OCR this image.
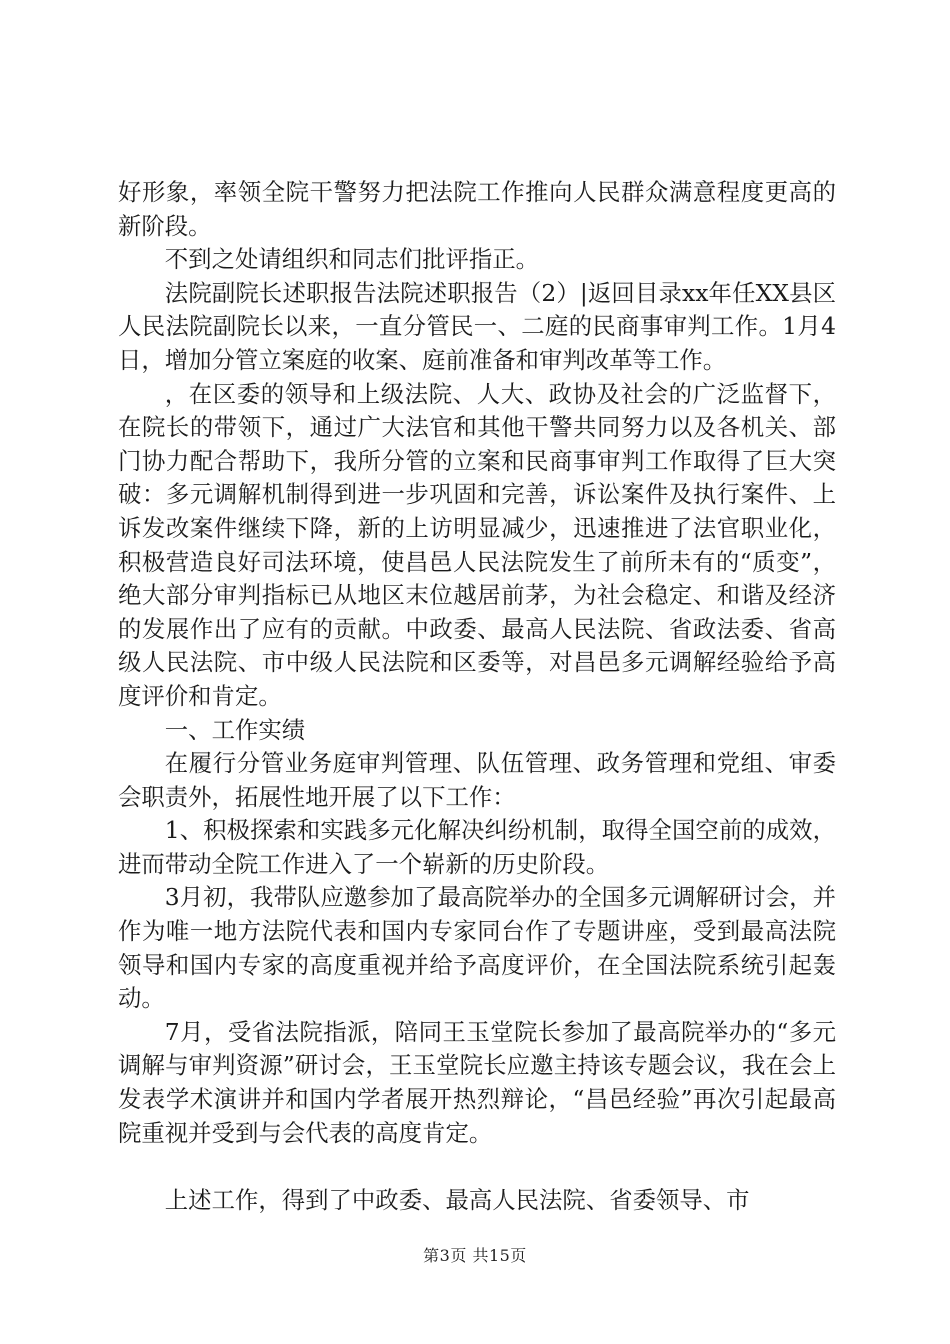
好形象，率领全院干警努力把法院工作推向人民群众满意程度更高的新阶段。

不到之处请组织和同志们批评指正。

法院副院长述职报告法院述职报告（2）|返回目录xx年任XX县区人民法院副院长以来，一直分管民一、二庭的民商事审判工作。1月4日，增加分管立案庭的收案、庭前准备和审判改革等工作。

，在区委的领导和上级法院、人大、政协及社会的广泛监督下，在院长的带领下，通过广大法官和其他干警共同努力以及各机关、部门协力配合帮助下，我所分管的立案和民商事审判工作取得了巨大突破：多元调解机制得到进一步巩固和完善，诉讼案件及执行案件、上诉发改案件继续下降，新的上访明显减少，迅速推进了法官职业化，积极营造良好司法环境，使昌邑人民法院发生了前所未有的“质变”，绝大部分审判指标已从地区末位越居前茅，为社会稳定、和谐及经济的发展作出了应有的贡献。中政委、最高人民法院、省政法委、省高级人民法院、市中级人民法院和区委等，对昌邑多元调解经验给予高度评价和肯定。

一、工作实绩

在履行分管业务庭审判管理、队伍管理、政务管理和党组、审委会职责外，拓展性地开展了以下工作：

1、积极探索和实践多元化解决纠纷机制，取得全国空前的成效，进而带动全院工作进入了一个崭新的历史阶段。

3月初，我带队应邀参加了最高院举办的全国多元调解研讨会，并作为唯一地方法院代表和国内专家同台作了专题讲座，受到最高法院领导和国内专家的高度重视并给予高度评价，在全国法院系统引起轰动。

7月，受省法院指派，陪同王玉堂院长参加了最高院举办的“多元调解与审判资源”研讨会，王玉堂院长应邀主持该专题会议，我在会上发表学术演讲并和国内学者展开热烈辩论，“昌邑经验”再次引起最高院重视并受到与会代表的高度肯定。

上述工作，得到了中政委、最高人民法院、省委领导、市

第3页 共15页
